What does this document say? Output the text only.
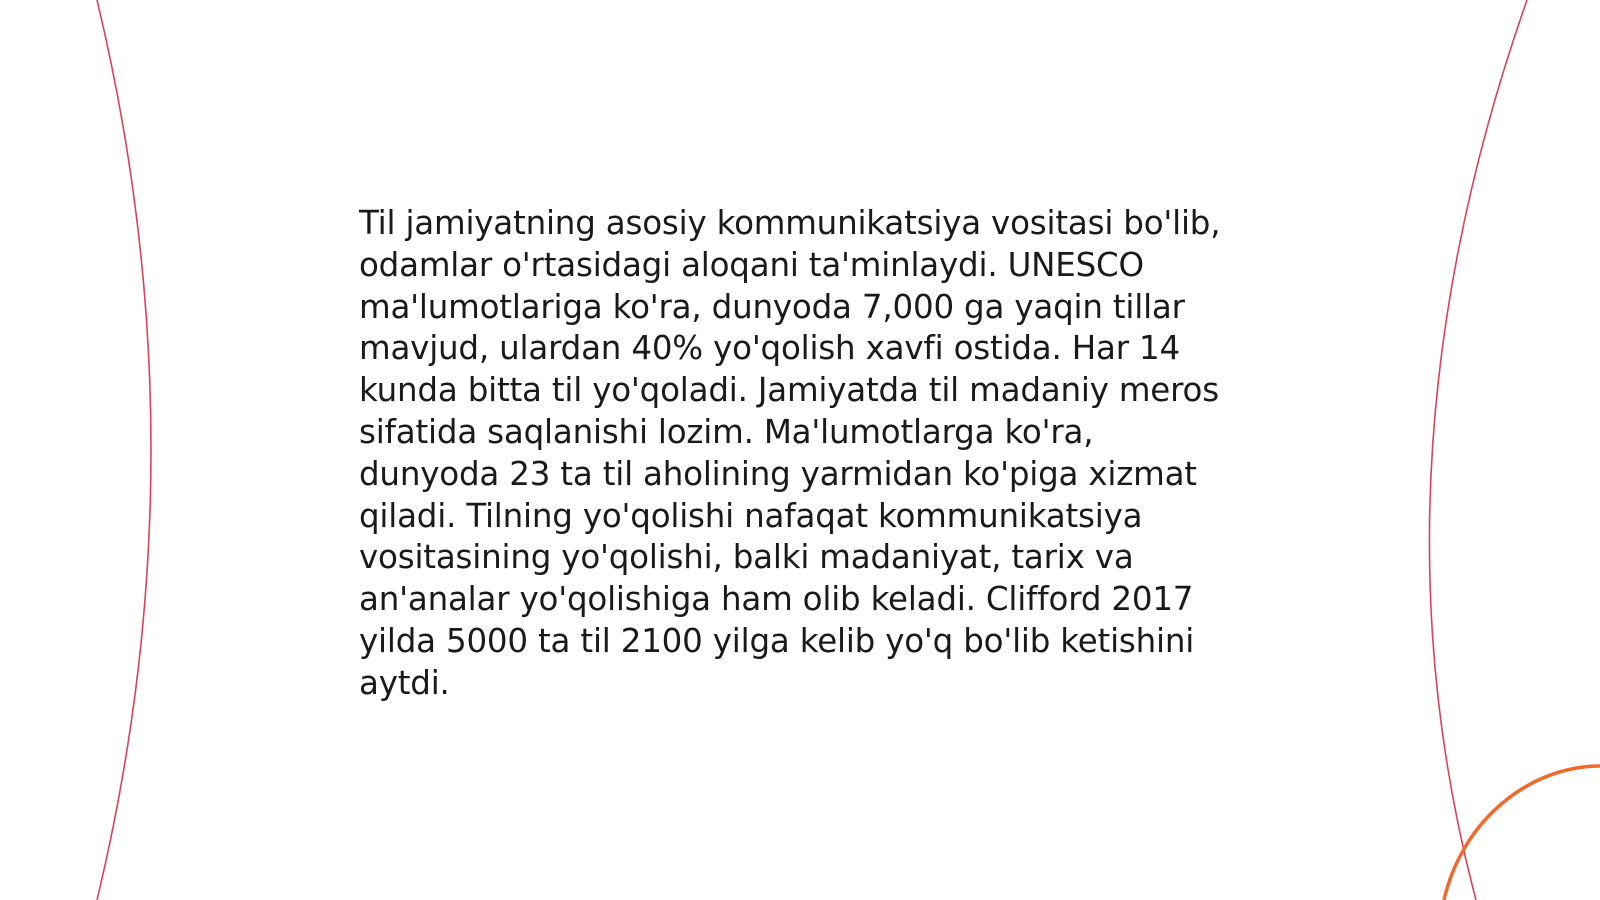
Til jamiyatning asosiy kommunikatsiya vositasi bo'lib, odamlar o'rtasidagi aloqani ta'minlaydi. UNESCO ma'lumotlariga ko'ra, dunyoda 7,000 ga yaqin tillar mavjud, ulardan 40% yo'qolish xavfi ostida. Har 14 kunda bitta til yo'qoladi. Jamiyatda til madaniy meros sifatida saqlanishi lozim. Ma'lumotlarga ko'ra, dunyoda 23 ta til aholining yarmidan ko'piga xizmat qiladi. Tilning yo'qolishi nafaqat kommunikatsiya vositasining yo'qolishi, balki madaniyat, tarix va an'analar yo'qolishiga ham olib keladi. Clifford 2017 yilda 5000 ta til 2100 yilga kelib yo'q bo'lib ketishini aytdi.
